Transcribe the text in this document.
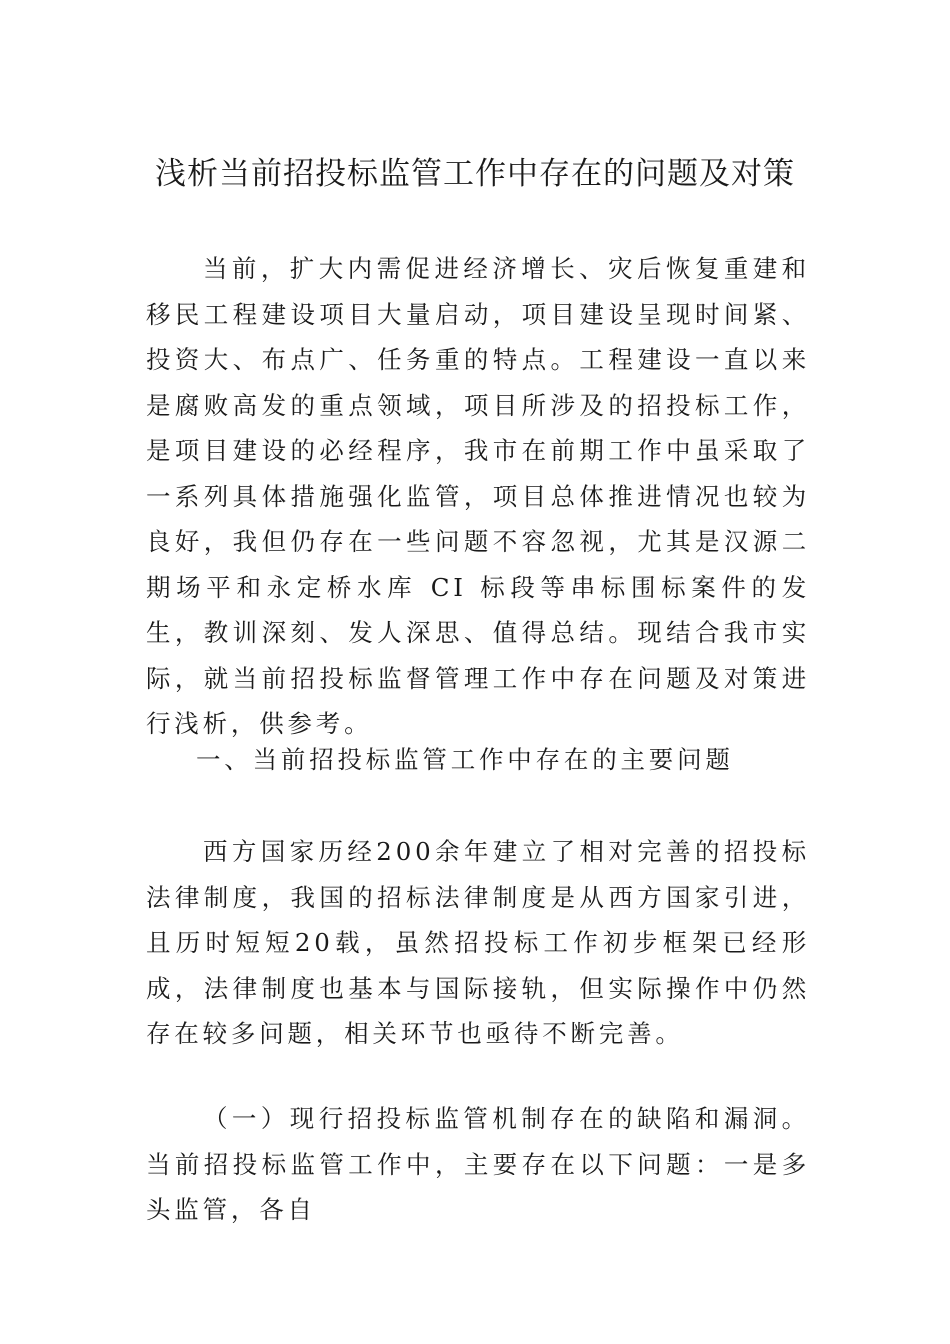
浅析当前招投标监管工作中存在的问题及对策

当前，扩大内需促进经济增长、灾后恢复重建和移民工程建设项目大量启动，项目建设呈现时间紧、投资大、布点广、任务重的特点。工程建设一直以来是腐败高发的重点领域，项目所涉及的招投标工作，是项目建设的必经程序，我市在前期工作中虽采取了一系列具体措施强化监管，项目总体推进情况也较为良好，我但仍存在一些问题不容忽视，尤其是汉源二期场平和永定桥水库 CI 标段等串标围标案件的发生，教训深刻、发人深思、值得总结。现结合我市实际，就当前招投标监督管理工作中存在问题及对策进行浅析，供参考。

一、当前招投标监管工作中存在的主要问题

西方国家历经200余年建立了相对完善的招投标法律制度，我国的招标法律制度是从西方国家引进，且历时短短20载，虽然招投标工作初步框架已经形成，法律制度也基本与国际接轨，但实际操作中仍然存在较多问题，相关环节也亟待不断完善。

（一）现行招投标监管机制存在的缺陷和漏洞。当前招投标监管工作中，主要存在以下问题：一是多头监管，各自
